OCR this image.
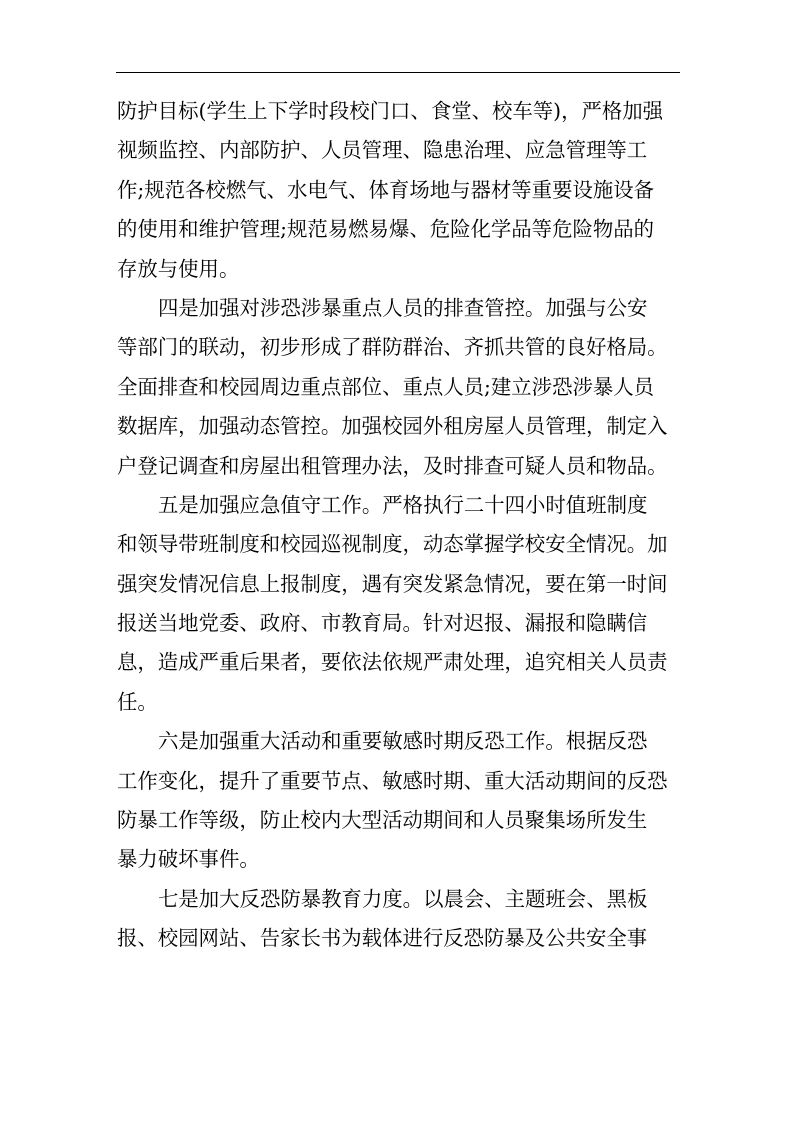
防护目标(学生上下学时段校门口、食堂、校车等)，严格加强
视频监控、内部防护、人员管理、隐患治理、应急管理等工
作;规范各校燃气、水电气、体育场地与器材等重要设施设备
的使用和维护管理;规范易燃易爆、危险化学品等危险物品的
存放与使用。
四是加强对涉恐涉暴重点人员的排查管控。加强与公安
等部门的联动，初步形成了群防群治、齐抓共管的良好格局。
全面排查和校园周边重点部位、重点人员;建立涉恐涉暴人员
数据库，加强动态管控。加强校园外租房屋人员管理，制定入
户登记调查和房屋出租管理办法，及时排查可疑人员和物品。
五是加强应急值守工作。严格执行二十四小时值班制度
和领导带班制度和校园巡视制度，动态掌握学校安全情况。加
强突发情况信息上报制度，遇有突发紧急情况，要在第一时间
报送当地党委、政府、市教育局。针对迟报、漏报和隐瞒信
息，造成严重后果者，要依法依规严肃处理，追究相关人员责
任。
六是加强重大活动和重要敏感时期反恐工作。根据反恐
工作变化，提升了重要节点、敏感时期、重大活动期间的反恐
防暴工作等级，防止校内大型活动期间和人员聚集场所发生
暴力破坏事件。
七是加大反恐防暴教育力度。以晨会、主题班会、黑板
报、校园网站、告家长书为载体进行反恐防暴及公共安全事
